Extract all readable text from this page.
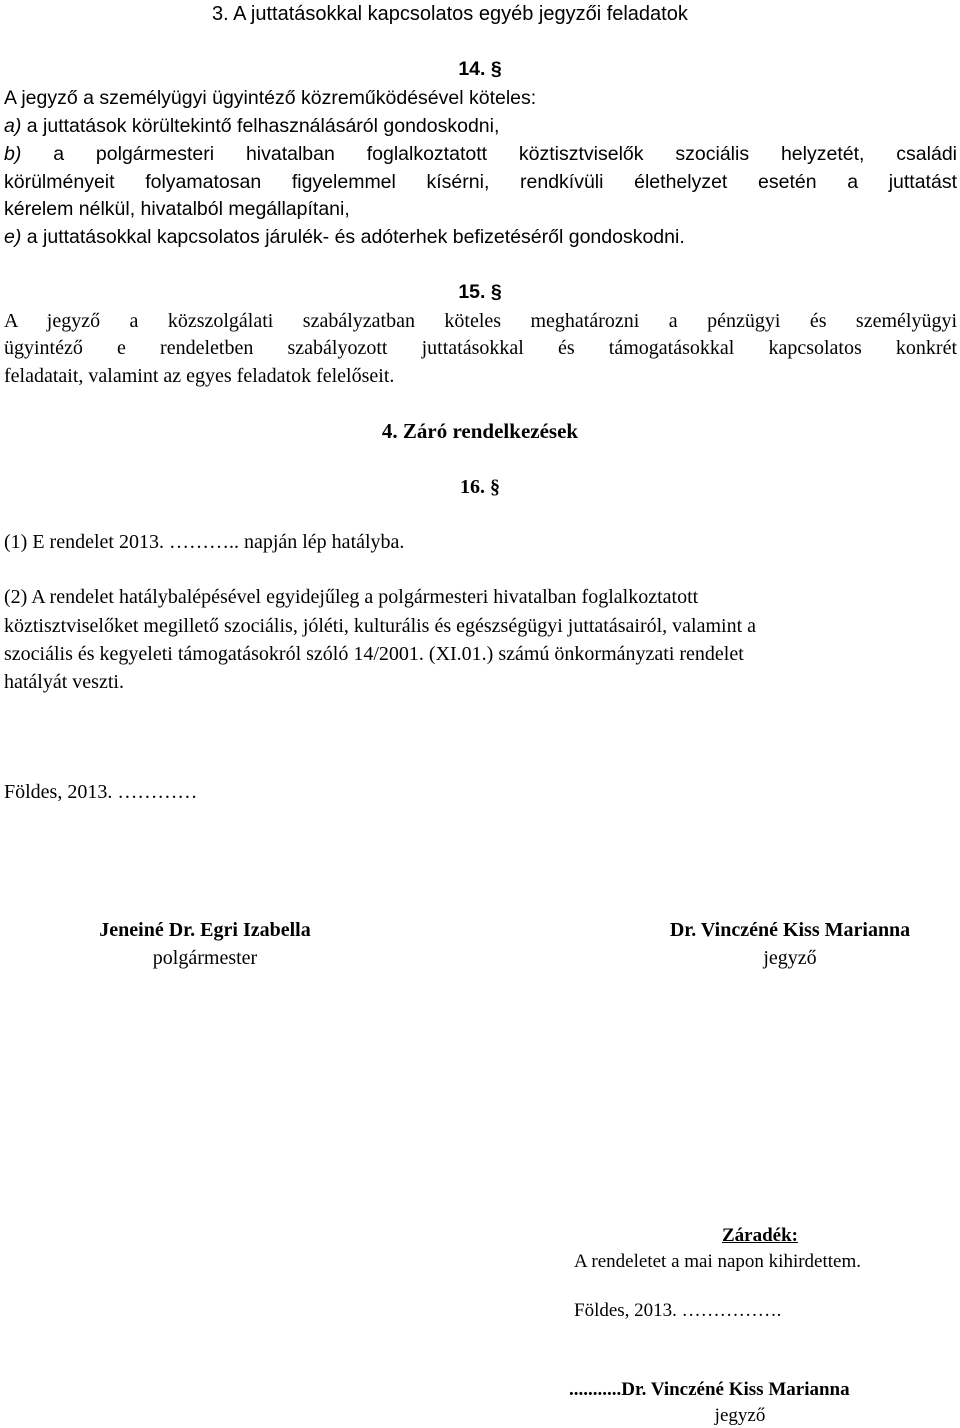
3. A juttatásokkal kapcsolatos egyéb jegyzői feladatok
14. §
A jegyző a személyügyi ügyintéző közreműködésével köteles:
a) a juttatások körültekintő felhasználásáról gondoskodni,
b) a polgármesteri hivatalban foglalkoztatott köztisztviselők szociális helyzetét, családi
körülményeit folyamatosan figyelemmel kísérni, rendkívüli élethelyzet esetén a juttatást
kérelem nélkül, hivatalból megállapítani,
e) a juttatásokkal kapcsolatos járulék- és adóterhek befizetéséről gondoskodni.
15. §
A jegyző a közszolgálati szabályzatban köteles meghatározni a pénzügyi és személyügyi
ügyintéző e rendeletben szabályozott juttatásokkal és támogatásokkal kapcsolatos konkrét
feladatait, valamint az egyes feladatok felelőseit.
4. Záró rendelkezések
16. §
(1) E rendelet 2013. ……….. napján lép hatályba.
(2) A rendelet hatálybalépésével egyidejűleg a polgármesteri hivatalban foglalkoztatott
köztisztviselőket megillető szociális, jóléti, kulturális és egészségügyi juttatásairól, valamint a
szociális és kegyeleti támogatásokról szóló 14/2001. (XI.01.) számú önkormányzati rendelet
hatályát veszti.
Földes, 2013. …………
Jeneiné Dr. Egri Izabella
polgármester
Dr. Vinczéné Kiss Marianna
jegyző
Záradék:
A rendeletet a mai napon kihirdettem.
Földes, 2013. …………….
...........Dr. Vinczéné Kiss Marianna
jegyző
